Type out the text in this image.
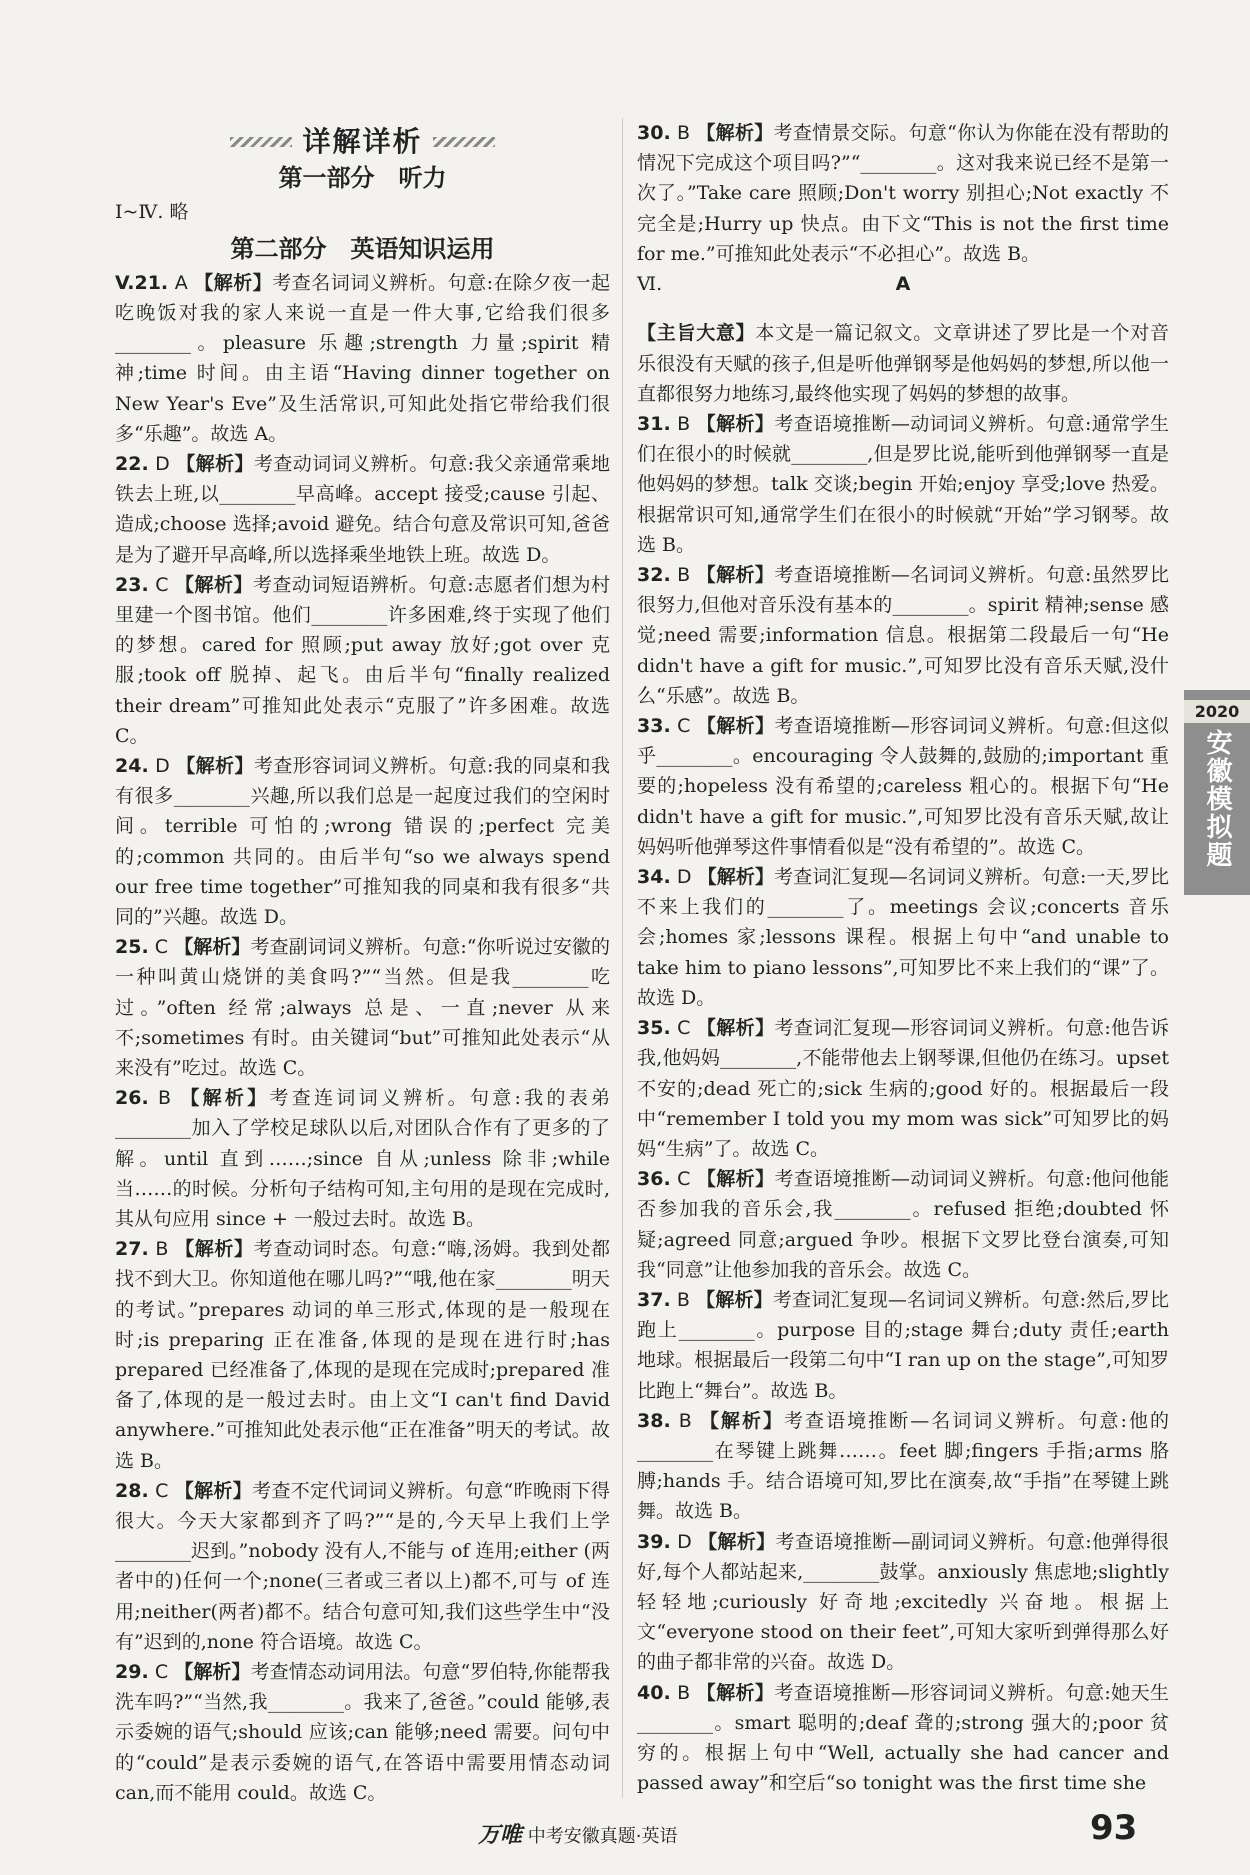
详解详析
第一部分　听力

Ⅰ~Ⅳ. 略

第二部分　英语知识运用

V.21. A 【解析】考查名词词义辨析。句意:在除夕夜一起吃晚饭对我的家人来说一直是一件大事,它给我们很多________。pleasure 乐趣;strength 力量;spirit 精神;time 时间。由主语“Having dinner together on New Year's Eve”及生活常识,可知此处指它带给我们很多“乐趣”。故选 A。

22. D 【解析】考查动词词义辨析。句意:我父亲通常乘地铁去上班,以________早高峰。accept 接受;cause 引起、造成;choose 选择;avoid 避免。结合句意及常识可知,爸爸是为了避开早高峰,所以选择乘坐地铁上班。故选 D。

23. C 【解析】考查动词短语辨析。句意:志愿者们想为村里建一个图书馆。他们________许多困难,终于实现了他们的梦想。cared for 照顾;put away 放好;got over 克服;took off 脱掉、起飞。由后半句“finally realized their dream”可推知此处表示“克服了”许多困难。故选 C。

24. D 【解析】考查形容词词义辨析。句意:我的同桌和我有很多________兴趣,所以我们总是一起度过我们的空闲时间。terrible 可怕的;wrong 错误的;perfect 完美的;common 共同的。由后半句“so we always spend our free time together”可推知我的同桌和我有很多“共同的”兴趣。故选 D。

25. C 【解析】考查副词词义辨析。句意:“你听说过安徽的一种叫黄山烧饼的美食吗?”“当然。但是我________吃过。”often 经常;always 总是、一直;never 从来不;sometimes 有时。由关键词“but”可推知此处表示“从来没有”吃过。故选 C。

26. B 【解析】考查连词词义辨析。句意:我的表弟________加入了学校足球队以后,对团队合作有了更多的了解。until 直到……;since 自从;unless 除非;while 当……的时候。分析句子结构可知,主句用的是现在完成时,其从句应用 since + 一般过去时。故选 B。

27. B 【解析】考查动词时态。句意:“嗨,汤姆。我到处都找不到大卫。你知道他在哪儿吗?”“哦,他在家________明天的考试。”prepares 动词的单三形式,体现的是一般现在时;is preparing 正在准备,体现的是现在进行时;has prepared 已经准备了,体现的是现在完成时;prepared 准备了,体现的是一般过去时。由上文“I can't find David anywhere.”可推知此处表示他“正在准备”明天的考试。故选 B。

28. C 【解析】考查不定代词词义辨析。句意“昨晚雨下得很大。今天大家都到齐了吗?”“是的,今天早上我们上学________迟到。”nobody 没有人,不能与 of 连用;either (两者中的)任何一个;none(三者或三者以上)都不,可与 of 连用;neither(两者)都不。结合句意可知,我们这些学生中“没有”迟到的,none 符合语境。故选 C。

29. C 【解析】考查情态动词用法。句意“罗伯特,你能帮我洗车吗?”“当然,我________。我来了,爸爸。”could 能够,表示委婉的语气;should 应该;can 能够;need 需要。问句中的“could”是表示委婉的语气,在答语中需要用情态动词 can,而不能用 could。故选 C。

30. B 【解析】考查情景交际。句意“你认为你能在没有帮助的情况下完成这个项目吗?”“________。这对我来说已经不是第一次了。”Take care 照顾;Don't worry 别担心;Not exactly 不完全是;Hurry up 快点。由下文“This is not the first time for me.”可推知此处表示“不必担心”。故选 B。

Ⅵ.	A

【主旨大意】本文是一篇记叙文。文章讲述了罗比是一个对音乐很没有天赋的孩子,但是听他弹钢琴是他妈妈的梦想,所以他一直都很努力地练习,最终他实现了妈妈的梦想的故事。

31. B 【解析】考查语境推断—动词词义辨析。句意:通常学生们在很小的时候就________,但是罗比说,能听到他弹钢琴一直是他妈妈的梦想。talk 交谈;begin 开始;enjoy 享受;love 热爱。根据常识可知,通常学生们在很小的时候就“开始”学习钢琴。故选 B。

32. B 【解析】考查语境推断—名词词义辨析。句意:虽然罗比很努力,但他对音乐没有基本的________。spirit 精神;sense 感觉;need 需要;information 信息。根据第二段最后一句“He didn't have a gift for music.”,可知罗比没有音乐天赋,没什么“乐感”。故选 B。

33. C 【解析】考查语境推断—形容词词义辨析。句意:但这似乎________。encouraging 令人鼓舞的,鼓励的;important 重要的;hopeless 没有希望的;careless 粗心的。根据下句“He didn't have a gift for music.”,可知罗比没有音乐天赋,故让妈妈听他弹琴这件事情看似是“没有希望的”。故选 C。

34. D 【解析】考查词汇复现—名词词义辨析。句意:一天,罗比不来上我们的________了。meetings 会议;concerts 音乐会;homes 家;lessons 课程。根据上句中“and unable to take him to piano lessons”,可知罗比不来上我们的“课”了。故选 D。

35. C 【解析】考查词汇复现—形容词词义辨析。句意:他告诉我,他妈妈________,不能带他去上钢琴课,但他仍在练习。upset 不安的;dead 死亡的;sick 生病的;good 好的。根据最后一段中“remember I told you my mom was sick”可知罗比的妈妈“生病”了。故选 C。

36. C 【解析】考查语境推断—动词词义辨析。句意:他问他能否参加我的音乐会,我________。refused 拒绝;doubted 怀疑;agreed 同意;argued 争吵。根据下文罗比登台演奏,可知我“同意”让他参加我的音乐会。故选 C。

37. B 【解析】考查词汇复现—名词词义辨析。句意:然后,罗比跑上________。purpose 目的;stage 舞台;duty 责任;earth 地球。根据最后一段第二句中“I ran up on the stage”,可知罗比跑上“舞台”。故选 B。

38. B 【解析】考查语境推断—名词词义辨析。句意:他的________在琴键上跳舞……。feet 脚;fingers 手指;arms 胳膊;hands 手。结合语境可知,罗比在演奏,故“手指”在琴键上跳舞。故选 B。

39. D 【解析】考查语境推断—副词词义辨析。句意:他弹得很好,每个人都站起来,________鼓掌。anxiously 焦虑地;slightly 轻轻地;curiously 好奇地;excitedly 兴奋地。根据上文“everyone stood on their feet”,可知大家听到弹得那么好的曲子都非常的兴奋。故选 D。

40. B 【解析】考查语境推断—形容词词义辨析。句意:她天生________。smart 聪明的;deaf 聋的;strong 强大的;poor 贫穷的。根据上句中“Well, actually she had cancer and passed away”和空后“so tonight was the first time she

2020
安徽模拟题
万唯 中考安徽真题·英语	93
